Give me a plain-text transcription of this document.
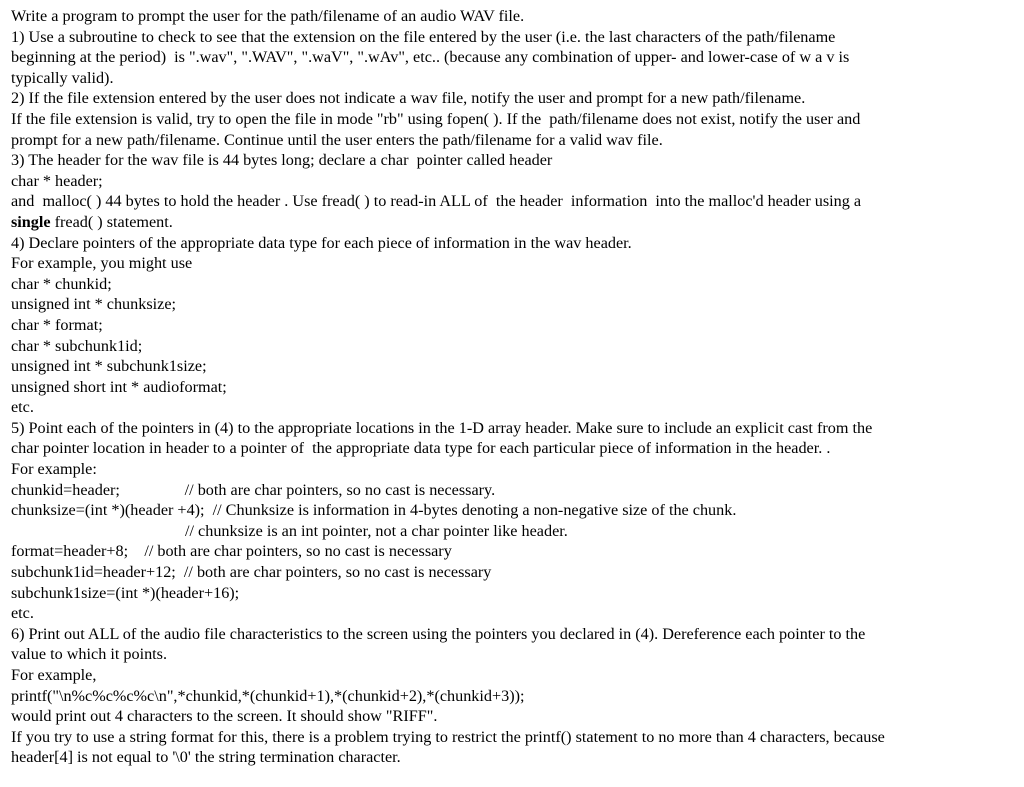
Write a program to prompt the user for the path/filename of an audio WAV file.
1) Use a subroutine to check to see that the extension on the file entered by the user (i.e. the last characters of the path/filename
beginning at the period)  is ".wav", ".WAV", ".waV", ".wAv", etc.. (because any combination of upper- and lower-case of w a v is
typically valid).
2) If the file extension entered by the user does not indicate a wav file, notify the user and prompt for a new path/filename.
If the file extension is valid, try to open the file in mode "rb" using fopen( ). If the  path/filename does not exist, notify the user and
prompt for a new path/filename. Continue until the user enters the path/filename for a valid wav file.
3) The header for the wav file is 44 bytes long; declare a char  pointer called header
char * header;
and  malloc( ) 44 bytes to hold the header . Use fread( ) to read-in ALL of  the header  information  into the malloc'd header using a
single fread( ) statement.
4) Declare pointers of the appropriate data type for each piece of information in the wav header.
For example, you might use
char * chunkid;
unsigned int * chunksize;
char * format;
char * subchunk1id;
unsigned int * subchunk1size;
unsigned short int * audioformat;
etc.
5) Point each of the pointers in (4) to the appropriate locations in the 1-D array header. Make sure to include an explicit cast from the
char pointer location in header to a pointer of  the appropriate data type for each particular piece of information in the header. .
For example:
chunkid=header;                // both are char pointers, so no cast is necessary.
chunksize=(int *)(header +4);  // Chunksize is information in 4-bytes denoting a non-negative size of the chunk.
// chunksize is an int pointer, not a char pointer like header.
format=header+8;    // both are char pointers, so no cast is necessary
subchunk1id=header+12;  // both are char pointers, so no cast is necessary
subchunk1size=(int *)(header+16);
etc.
6) Print out ALL of the audio file characteristics to the screen using the pointers you declared in (4). Dereference each pointer to the
value to which it points.
For example,
printf("\n%c%c%c%c\n",*chunkid,*(chunkid+1),*(chunkid+2),*(chunkid+3));
would print out 4 characters to the screen. It should show "RIFF".
If you try to use a string format for this, there is a problem trying to restrict the printf() statement to no more than 4 characters, because
header[4] is not equal to '\0' the string termination character.
